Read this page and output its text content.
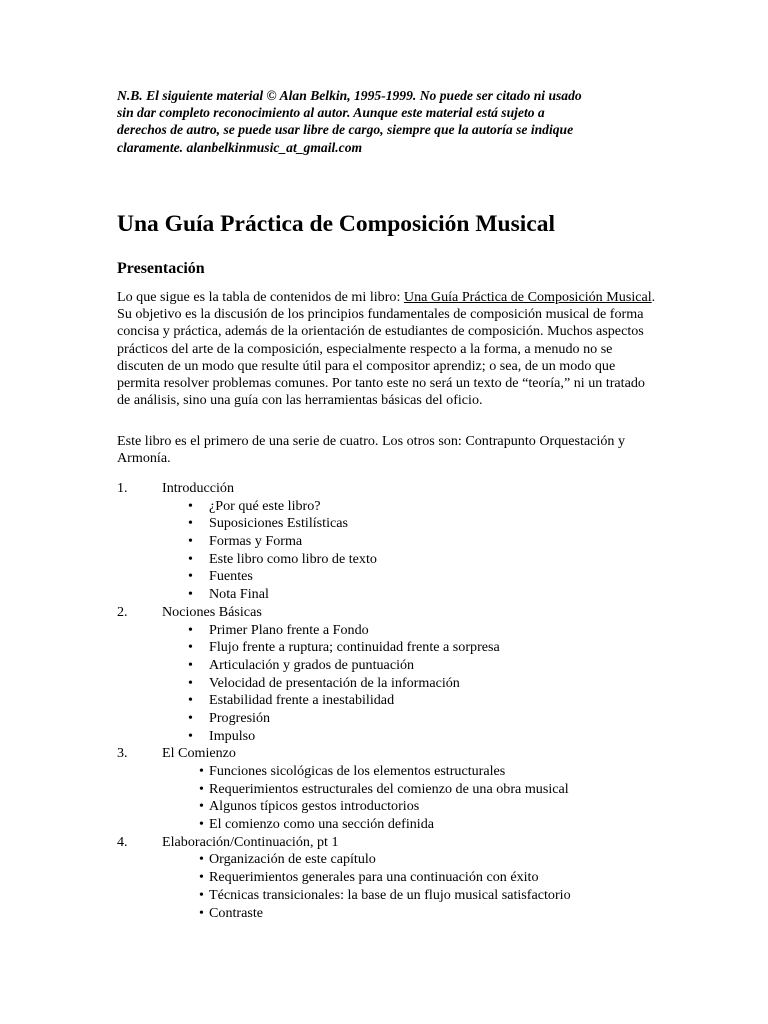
N.B. El siguiente material © Alan Belkin, 1995-1999. No puede ser citado ni usado
sin dar completo reconocimiento al autor. Aunque este material está sujeto a
derechos de autro, se puede usar libre de cargo, siempre que la autoría se indique
claramente. alanbelkinmusic_at_gmail.com
Una Guía Práctica de Composición Musical
Presentación

Lo que sigue es la tabla de contenidos de mi libro: Una Guía Práctica de Composición Musical. Su objetivo es la discusión de los principios fundamentales de composición musical de forma concisa y práctica, además de la orientación de estudiantes de composición. Muchos aspectos prácticos del arte de la composición, especialmente respecto a la forma, a menudo no se discuten de un modo que resulte útil para el compositor aprendiz; o sea, de un modo que permita resolver problemas comunes. Por tanto este no será un texto de “teoría,” ni un tratado de análisis, sino una guía con las herramientas básicas del oficio.

Este libro es el primero de una serie de cuatro. Los otros son: Contrapunto Orquestación y Armonía.

1. Introducción
• ¿Por qué este libro?
• Suposiciones Estilísticas
• Formas y Forma
• Este libro como libro de texto
• Fuentes
• Nota Final
2. Nociones Básicas
• Primer Plano frente a Fondo
• Flujo frente a ruptura; continuidad frente a sorpresa
• Articulación y grados de puntuación
• Velocidad de presentación de la información
• Estabilidad frente a inestabilidad
• Progresión
• Impulso
3. El Comienzo
• Funciones sicológicas de los elementos estructurales
• Requerimientos estructurales del comienzo de una obra musical
• Algunos típicos gestos introductorios
• El comienzo como una sección definida
4. Elaboración/Continuación, pt 1
• Organización de este capítulo
• Requerimientos generales para una continuación con éxito
• Técnicas transicionales: la base de un flujo musical satisfactorio
• Contraste
